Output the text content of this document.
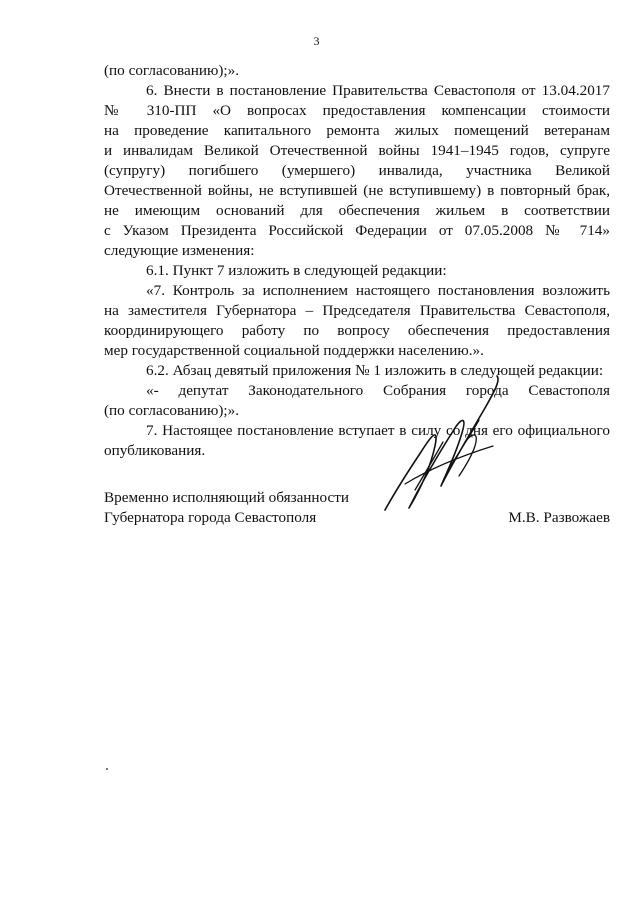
3
(по согласованию);».
6. Внести в постановление Правительства Севастополя от 13.04.2017
№ 310-ПП «О вопросах предоставления компенсации стоимости
на проведение капитального ремонта жилых помещений ветеранам
и инвалидам Великой Отечественной войны 1941–1945 годов, супруге
(супругу) погибшего (умершего) инвалида, участника Великой
Отечественной войны, не вступившей (не вступившему) в повторный брак,
не имеющим оснований для обеспечения жильем в соответствии
с Указом Президента Российской Федерации от 07.05.2008 № 714»
следующие изменения:
6.1. Пункт 7 изложить в следующей редакции:
«7. Контроль за исполнением настоящего постановления возложить
на заместителя Губернатора – Председателя Правительства Севастополя,
координирующего работу по вопросу обеспечения предоставления
мер государственной социальной поддержки населению.».
6.2. Абзац девятый приложения № 1 изложить в следующей редакции:
«- депутат Законодательного Собрания города Севастополя
(по согласованию);».
7. Настоящее постановление вступает в силу со дня его официального
опубликования.
Временно исполняющий обязанности
Губернатора города Севастополя	М.В. Развожаев
